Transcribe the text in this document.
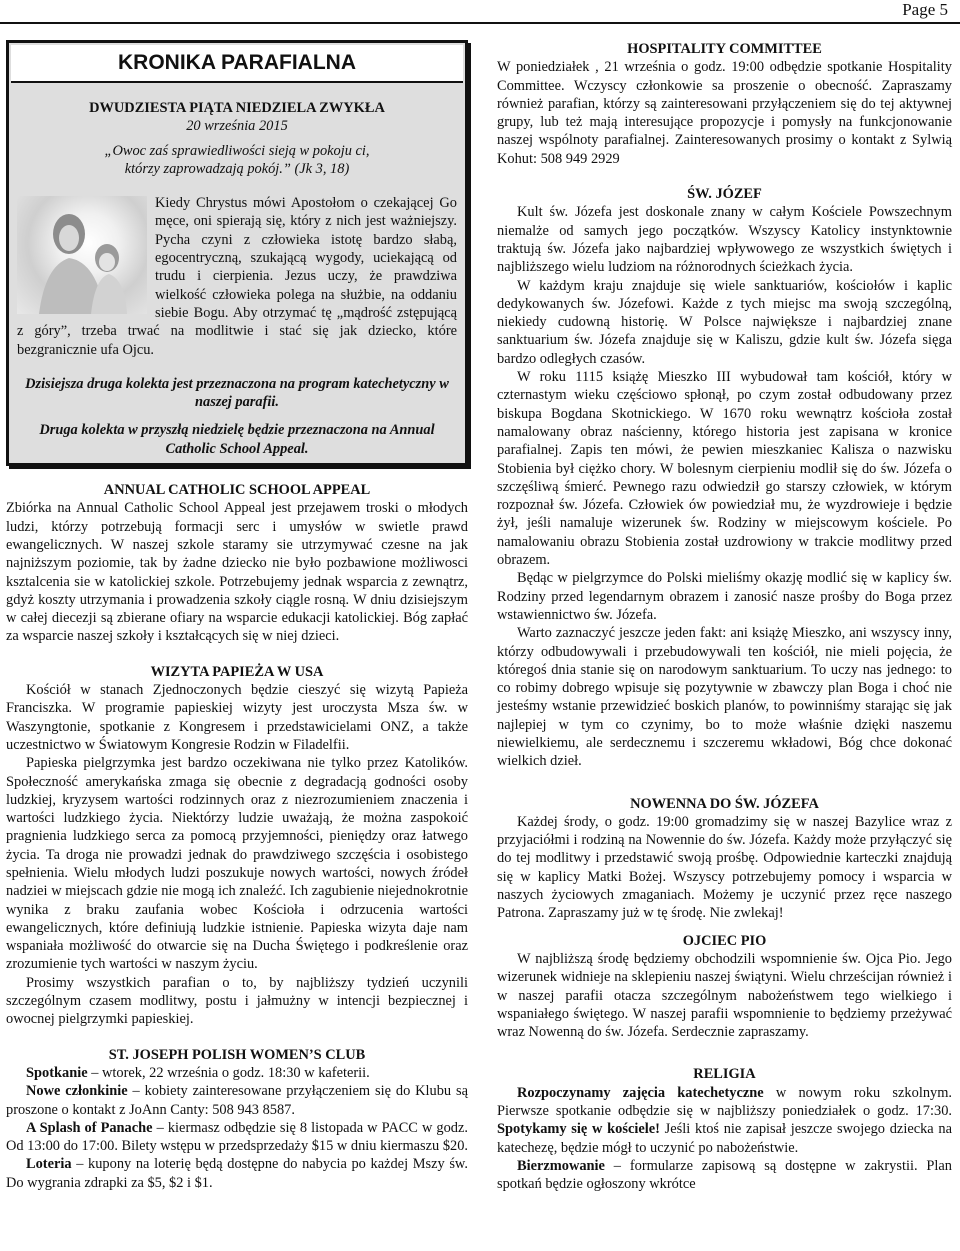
Page 5
KRONIKA PARAFIALNA
DWUDZIESTA PIĄTA NIEDZIELA ZWYKŁA
20 września 2015
„Owoc zaś sprawiedliwości sieją w pokoju ci,
którzy zaprowadzają pokój.” (Jk 3, 18)

Kiedy Chrystus mówi Apostołom o czekającej Go męce, oni spierają się, który z nich jest ważniejszy. Pycha czyni z człowieka istotę bardzo słabą, egocentryczną, szukającą wygody, uciekającą od trudu i cierpienia. Jezus uczy, że prawdziwa wielkość człowieka polega na służbie, na oddaniu siebie Bogu. Aby otrzymać tę „mądrość zstępującą z góry”, trzeba trwać na modlitwie i stać się jak dziecko, które bezgranicznie ufa Ojcu.

Dzisiejsza druga kolekta jest przeznaczona na program katechetyczny w naszej parafii.

Druga kolekta w przyszłą niedzielę będzie przeznaczona na Annual Catholic School Appeal.

ANNUAL CATHOLIC SCHOOL APPEAL

Zbiórka na Annual Catholic School Appeal jest przejawem troski o młodych ludzi, którzy potrzebują formacji serc i umysłów w swietle prawd ewangelicznych. W naszej szkole staramy sie utrzymywać czesne na jak najniższym poziomie, tak by żadne dziecko nie było pozbawione możliwosci ksztalcenia sie w katolickiej szkole. Potrzebujemy jednak wsparcia z zewnątrz, gdyż koszty utrzymania i prowadzenia szkoły ciągle rosną. W dniu dzisiejszym w całej diecezji są zbierane ofiary na wsparcie edukacji katolickiej. Bóg zapłać za wsparcie naszej szkoły i kształcących się w niej dzieci.

WIZYTA PAPIEŻA W USA

Kościół w stanach Zjednoczonych będzie cieszyć się wizytą Papieża Franciszka. W programie papieskiej wizyty jest uroczysta Msza św. w Waszyngtonie, spotkanie z Kongresem i przedstawicielami ONZ, a także uczestnictwo w Światowym Kongresie Rodzin w Filadelfii.

Papieska pielgrzymka jest bardzo oczekiwana nie tylko przez Katolików. Społeczność amerykańska zmaga się obecnie z degradacją godności osoby ludzkiej, kryzysem wartości rodzinnych oraz z niezrozumieniem znaczenia i wartości ludzkiego życia. Niektórzy ludzie uważają, że można zaspokoić pragnienia ludzkiego serca za pomocą przyjemności, pieniędzy oraz łatwego życia. Ta droga nie prowadzi jednak do prawdziwego szczęścia i osobistego spełnienia. Wielu młodych ludzi poszukuje nowych wartości, nowych źródeł nadziei w miejscach gdzie nie mogą ich znaleźć. Ich zagubienie niejednokrotnie wynika z braku zaufania wobec Kościoła i odrzucenia wartości ewangelicznych, które definiują ludzkie istnienie. Papieska wizyta daje nam wspaniała możliwość do otwarcie się na Ducha Świętego i podkreślenie oraz zrozumienie tych wartości w naszym życiu.

Prosimy wszystkich parafian o to, by najbliższy tydzień uczynili szczególnym czasem modlitwy, postu i jałmużny w intencji bezpiecznej i owocnej pielgrzymki papieskiej.

ST. JOSEPH POLISH WOMEN’S CLUB

Spotkanie – wtorek, 22 września o godz. 18:30 w kafeterii.

Nowe członkinie – kobiety zainteresowane przyłączeniem się do Klubu są proszone o kontakt z JoAnn Canty: 508 943 8587.

A Splash of Panache – kiermasz odbędzie się 8 listopada w PACC w godz. Od 13:00 do 17:00. Bilety wstępu w przedsprzedaży $15 w dniu kiermaszu $20.

Loteria – kupony na loterię będą dostępne do nabycia po każdej Mszy św. Do wygrania zdrapki za $5, $2 i $1.

HOSPITALITY COMMITTEE

W poniedziałek , 21 września o godz. 19:00 odbędzie spotkanie Hospitality Committee. Wczyscy członkowie sa proszenie o obecność. Zapraszamy również parafian, którzy są zainteresowani przyłączeniem się do tej aktywnej grupy, lub też mają interesujące propozycje i pomysły na funkcjonowanie naszej wspólnoty parafialnej. Zainteresowanych prosimy o kontakt z Sylwią Kohut: 508 949 2929

ŚW. JÓZEF

Kult św. Józefa jest doskonale znany w całym Kościele Powszechnym niemalże od samych jego początków. Wszyscy Katolicy instynktownie traktują św. Józefa jako najbardziej wpływowego ze wszystkich świętych i najbliższego wielu ludziom na różnorodnych ścieżkach życia.

W każdym kraju znajduje się wiele sanktuariów, kościołów i kaplic dedykowanych św. Józefowi. Każde z tych miejsc ma swoją szczególną, niekiedy cudowną historię. W Polsce największe i najbardziej znane sanktuarium św. Józefa znajduje się w Kaliszu, gdzie kult św. Józefa sięga bardzo odległych czasów.

W roku 1115 książę Mieszko III wybudował tam kościół, który w czternastym wieku częściowo spłonął, po czym został odbudowany przez biskupa Bogdana Skotnickiego. W 1670 roku wewnątrz kościoła został namalowany obraz naścienny, którego historia jest zapisana w kronice parafialnej. Zapis ten mówi, że pewien mieszkaniec Kalisza o nazwisku Stobienia był ciężko chory. W bolesnym cierpieniu modlił się do św. Józefa o szczęśliwą śmierć. Pewnego razu odwiedził go starszy człowiek, w którym rozpoznał św. Józefa. Człowiek ów powiedział mu, że wyzdrowieje i będzie żył, jeśli namaluje wizerunek św. Rodziny w miejscowym kościele. Po namalowaniu obrazu Stobienia został uzdrowiony w trakcie modlitwy przed obrazem.

Będąc w pielgrzymce do Polski mieliśmy okazję modlić się w kaplicy św. Rodziny przed legendarnym obrazem i zanosić nasze prośby do Boga przez wstawiennictwo św. Józefa.

Warto zaznaczyć jeszcze jeden fakt: ani książę Mieszko, ani wszyscy inny, którzy odbudowywali i przebudowywali ten kościół, nie mieli pojęcia, że któregoś dnia stanie się on narodowym sanktuarium. To uczy nas jednego: to co robimy dobrego wpisuje się pozytywnie w zbawczy plan Boga i choć nie jesteśmy wstanie przewidzieć boskich planów, to powinniśmy starając się jak najlepiej w tym co czynimy, bo to może właśnie dzięki naszemu niewielkiemu, ale serdecznemu i szczeremu wkładowi, Bóg chce dokonać wielkich dzieł.

NOWENNA DO ŚW. JÓZEFA

Każdej środy, o godz. 19:00 gromadzimy się w naszej Bazylice wraz z przyjaciółmi i rodziną na Nowennie do św. Józefa. Każdy może przyłączyć się do tej modlitwy i przedstawić swoją prośbę. Odpowiednie karteczki znajdują się w kaplicy Matki Bożej. Wszyscy potrzebujemy pomocy i wsparcia w naszych życiowych zmaganiach. Możemy je uczynić przez ręce naszego Patrona. Zapraszamy już w tę środę. Nie zwlekaj!

OJCIEC PIO

W najbliższą środę będziemy obchodzili wspomnienie św. Ojca Pio. Jego wizerunek widnieje na sklepieniu naszej świątyni. Wielu chrześcijan również i w naszej parafii otacza szczególnym nabożeństwem tego wielkiego i wspaniałego świętego. W naszej parafii wspomnienie to będziemy przeżywać wraz Nowenną do św. Józefa. Serdecznie zapraszamy.

RELIGIA

Rozpoczynamy zajęcia katechetyczne w nowym roku szkolnym. Pierwsze spotkanie odbędzie się w najbliższy poniedziałek o godz. 17:30. Spotykamy się w kościele! Jeśli ktoś nie zapisał jeszcze swojego dziecka na katechezę, będzie mógł to uczynić po nabożeństwie.

Bierzmowanie – formularze zapisową są dostępne w zakrystii. Plan spotkań będzie ogłoszony wkrótce
